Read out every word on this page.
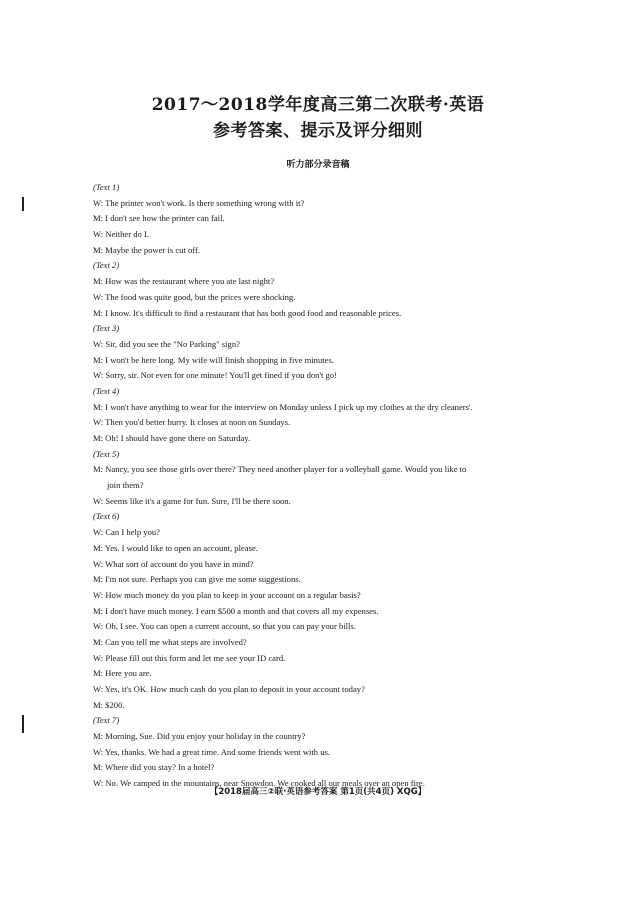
2017～2018学年度高三第二次联考·英语
参考答案、提示及评分细则
听力部分录音稿
(Text 1)
W: The printer won't work. Is there something wrong with it?
M: I don't see how the printer can fail.
W: Neither do I.
M: Maybe the power is cut off.
(Text 2)
M: How was the restaurant where you ate last night?
W: The food was quite good, but the prices were shocking.
M: I know. It's difficult to find a restaurant that has both good food and reasonable prices.
(Text 3)
W: Sir, did you see the "No Parking" sign?
M: I won't be here long. My wife will finish shopping in five minutes.
W: Sorry, sir. Not even for one minute! You'll get fined if you don't go!
(Text 4)
M: I won't have anything to wear for the interview on Monday unless I pick up my clothes at the dry cleaners'.
W: Then you'd better hurry. It closes at noon on Sundays.
M: Oh! I should have gone there on Saturday.
(Text 5)
M: Nancy, you see those girls over there? They need another player for a volleyball game. Would you like to
join them?
W: Seems like it's a game for fun. Sure, I'll be there soon.
(Text 6)
W: Can I help you?
M: Yes. I would like to open an account, please.
W: What sort of account do you have in mind?
M: I'm not sure. Perhaps you can give me some suggestions.
W: How much money do you plan to keep in your account on a regular basis?
M: I don't have much money. I earn $500 a month and that covers all my expenses.
W: Oh, I see. You can open a current account, so that you can pay your bills.
M: Can you tell me what steps are involved?
W: Please fill out this form and let me see your ID card.
M: Here you are.
W: Yes, it's OK. How much cash do you plan to deposit in your account today?
M: $200.
(Text 7)
M: Morning, Sue. Did you enjoy your holiday in the country?
W: Yes, thanks. We had a great time. And some friends went with us.
M: Where did you stay? In a hotel?
W: No. We camped in the mountains, near Snowdon. We cooked all our meals over an open fire.
【2018届高三②联·英语参考答案 第1页(共4页) XQG】
